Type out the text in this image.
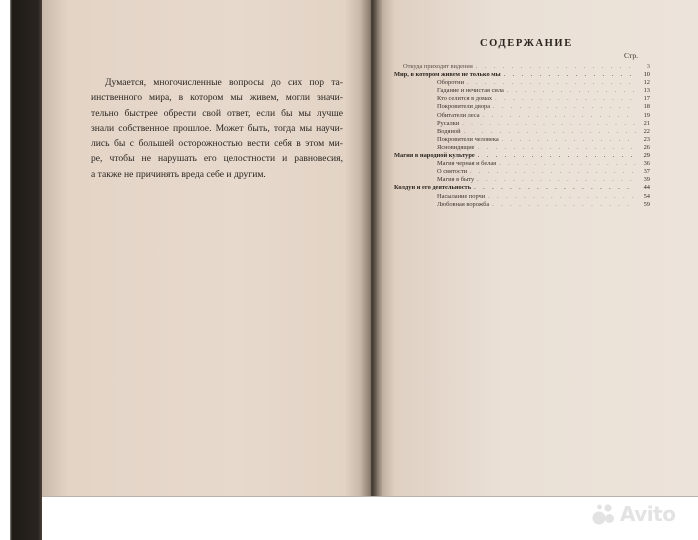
Думается, многочисленные вопросы до сих пор та-
инственного мира, в котором мы живем, могли значи-
тельно быстрее обрести свой ответ, если бы мы лучше
знали собственное прошлое. Может быть, тогда мы научи-
лись бы с большей осторожностью вести себя в этом ми-
ре, чтобы не нарушать его целостности и равновесия,
а также не причинять вреда себе и другим.

СОДЕРЖАНИЕ
Стр.
Откуда приходят видения . . .	3
Мир, в котором живем не только мы . . .	10
Оборотни . . .	12
Гадание и нечистая сила . . .	13
Кто селится в домах . . .	17
Покровители двора . . .	18
Обитатели леса . . .	19
Русалки . . .	21
Водяной . . .	22
Покровители человека . . .	23
Ясновидящие . . .	26
Магия в народной культуре . . .	29
Магия черная и белая . . .	36
О святости . . .	37
Магия в быту . . .	39
Колдун и его деятельность . . .	44
Насылание порчи . . .	54
Любовная ворожба . . .	59
Avito
